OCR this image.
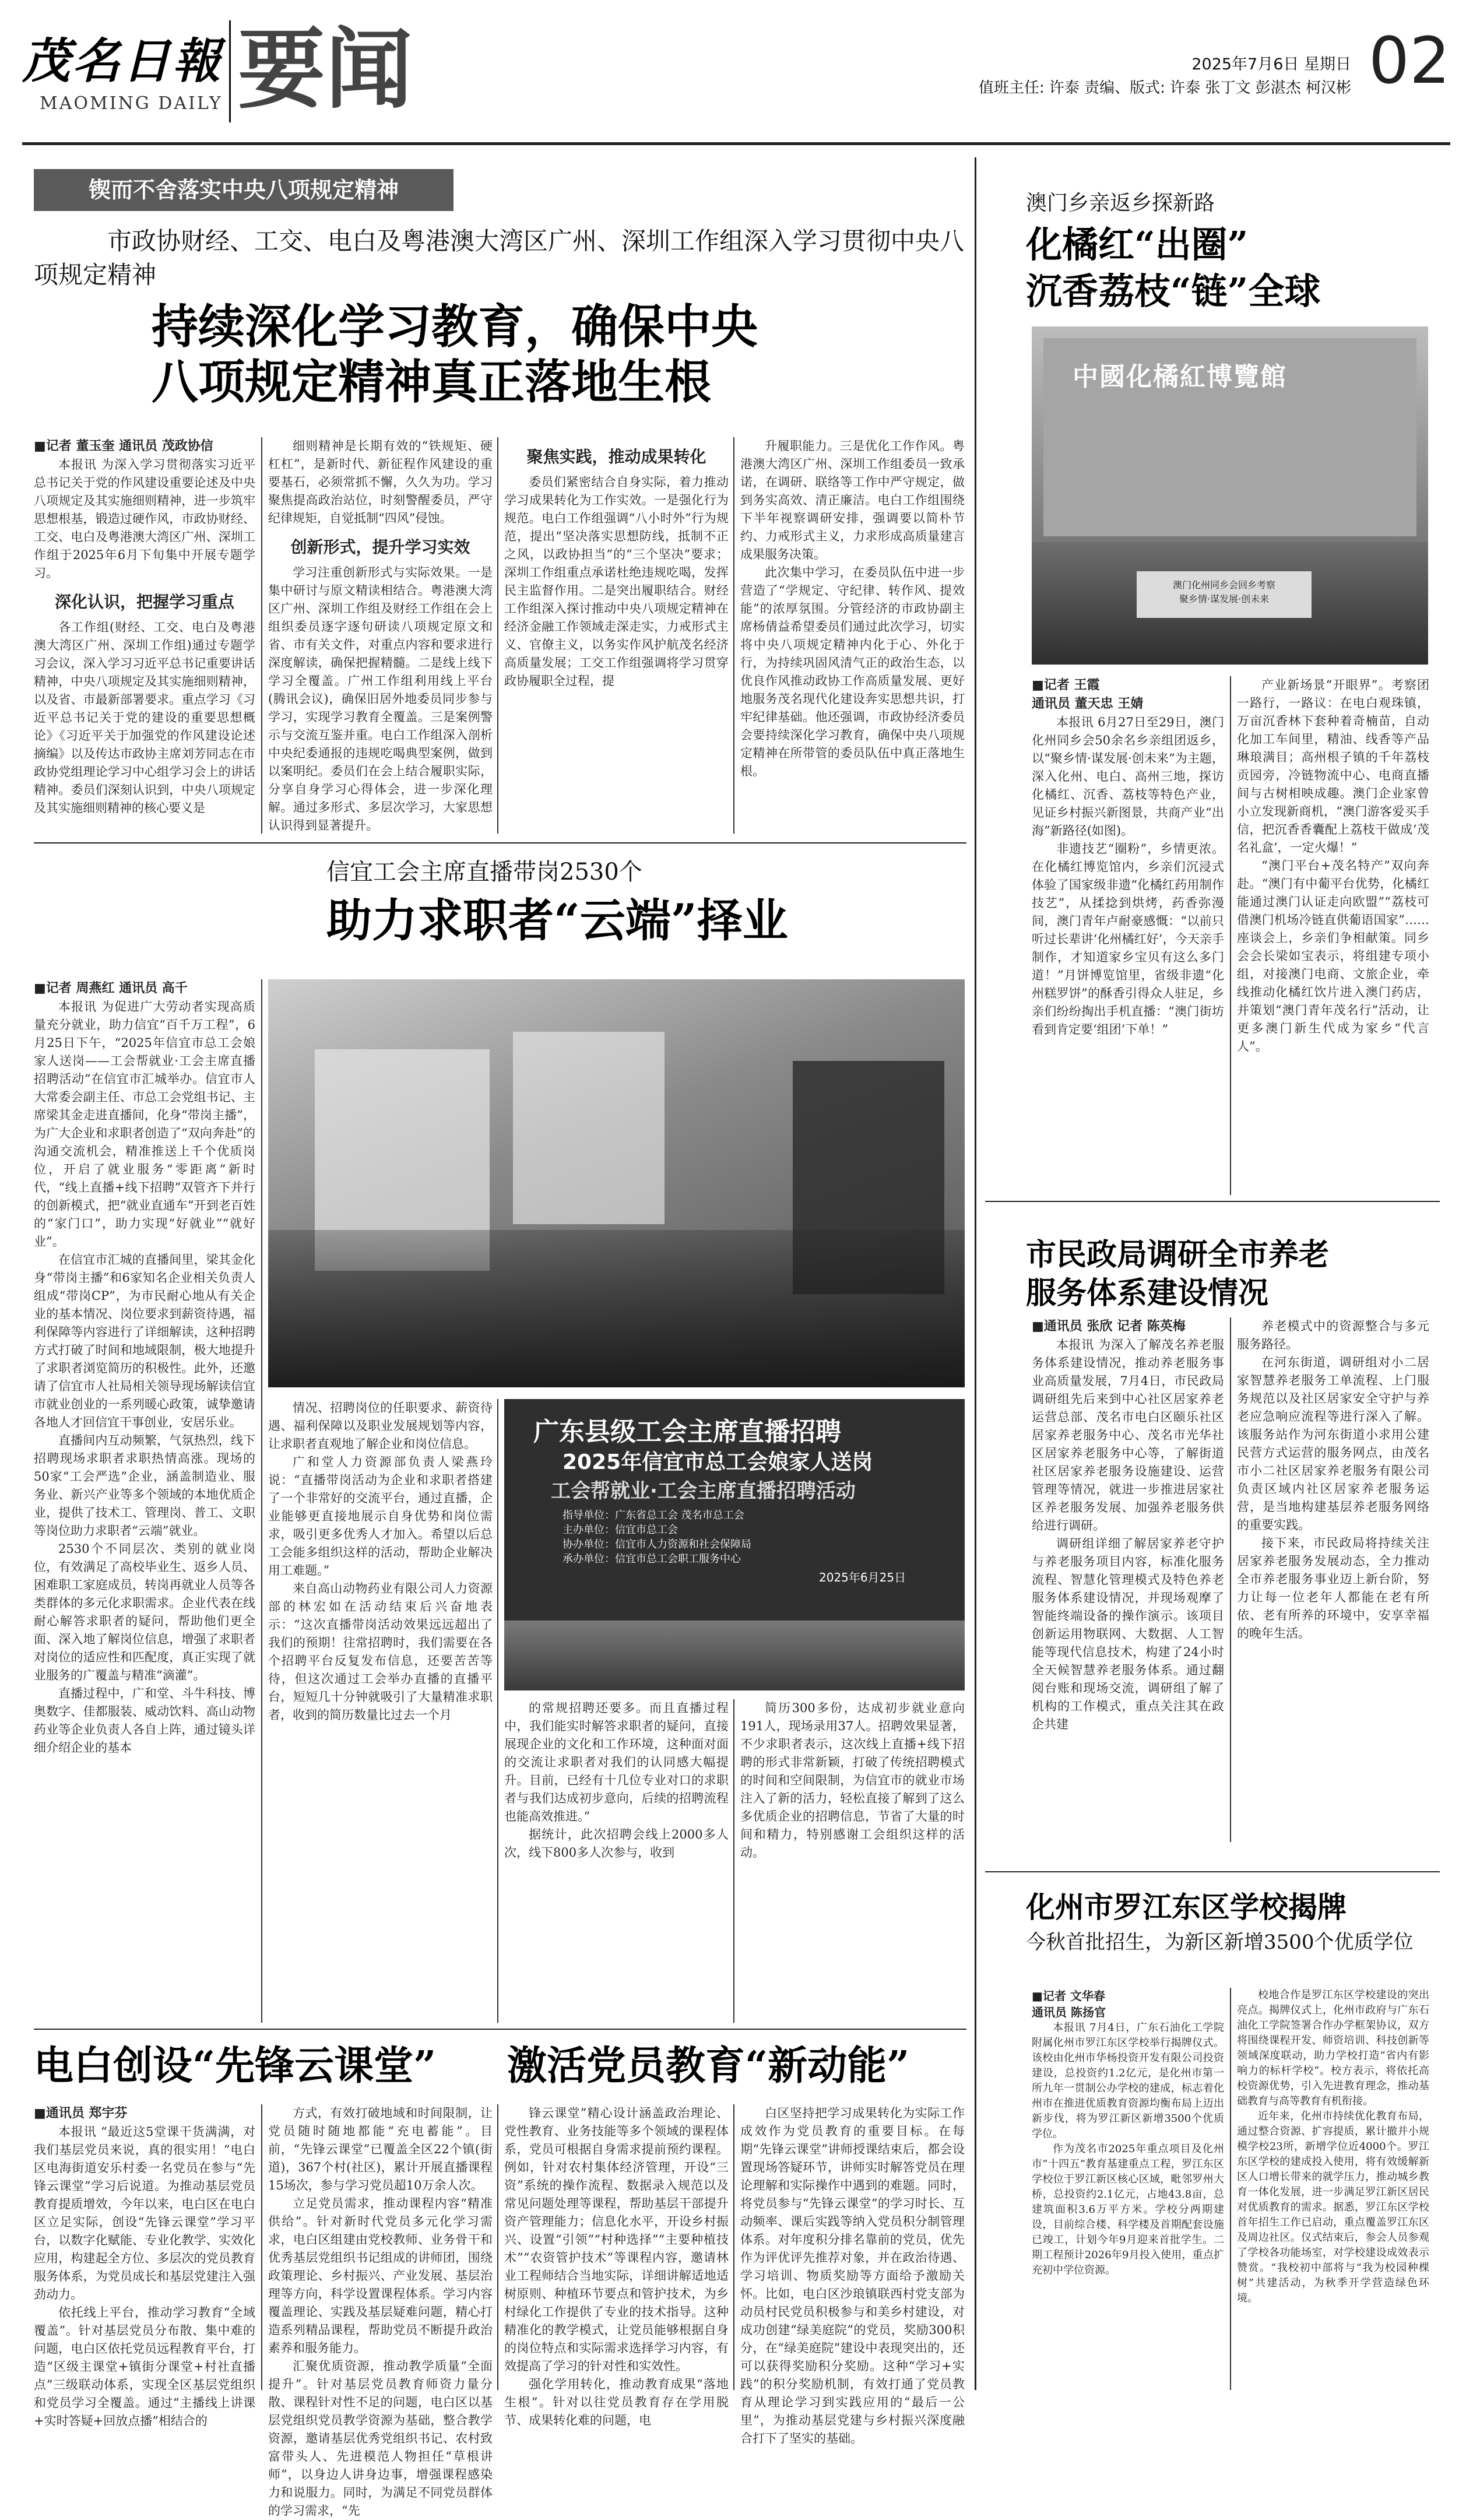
茂名日報
MAOMING DAILY 要闻	2025年7月6日 星期日
值班主任: 许泰 责编、版式: 许泰 张丁文 彭湛杰 柯汉彬 02
锲而不舍落实中央八项规定精神
市政协财经、工交、电白及粤港澳大湾区广州、深圳工作组深入学习贯彻中央八项规定精神
持续深化学习教育，确保中央
八项规定精神真正落地生根
■记者 董玉奎 通讯员 茂政协信

本报讯 为深入学习贯彻落实习近平总书记关于党的作风建设重要论述及中央八项规定及其实施细则精神，进一步筑牢思想根基，锻造过硬作风，市政协财经、工交、电白及粤港澳大湾区广州、深圳工作组于2025年6月下旬集中开展专题学习。

深化认识，把握学习重点

各工作组(财经、工交、电白及粤港澳大湾区广州、深圳工作组)通过专题学习会议，深入学习习近平总书记重要讲话精神，中央八项规定及其实施细则精神，以及省、市最新部署要求。重点学习《习近平总书记关于党的建设的重要思想概论》《习近平关于加强党的作风建设论述摘编》以及传达市政协主席刘芳同志在市政协党组理论学习中心组学习会上的讲话精神。委员们深刻认识到，中央八项规定及其实施细则精神的核心要义是

细则精神是长期有效的“铁规矩、硬杠杠”，是新时代、新征程作风建设的重要基石，必须常抓不懈，久久为功。学习聚焦提高政治站位，时刻警醒委员，严守纪律规矩，自觉抵制“四风”侵蚀。

创新形式，提升学习实效

学习注重创新形式与实际效果。一是集中研讨与原文精读相结合。粤港澳大湾区广州、深圳工作组及财经工作组在会上组织委员逐字逐句研读八项规定原文和省、市有关文件，对重点内容和要求进行深度解读，确保把握精髓。二是线上线下学习全覆盖。广州工作组利用线上平台(腾讯会议)，确保旧居外地委员同步参与学习，实现学习教育全覆盖。三是案例警示与交流互鉴并重。电白工作组深入剖析中央纪委通报的违规吃喝典型案例，做到以案明纪。委员们在会上结合履职实际，分享自身学习心得体会，进一步深化理解。通过多形式、多层次学习，大家思想认识得到显著提升。

聚焦实践，推动成果转化

委员们紧密结合自身实际，着力推动学习成果转化为工作实效。一是强化行为规范。电白工作组强调“八小时外”行为规范，提出“坚决落实思想防线，抵制不正之风，以政协担当”的“三个坚决”要求；深圳工作组重点承诺杜绝违规吃喝，发挥民主监督作用。二是突出履职结合。财经工作组深入探讨推动中央八项规定精神在经济金融工作领域走深走实，力戒形式主义、官僚主义，以务实作风护航茂名经济高质量发展；工交工作组强调将学习贯穿政协履职全过程，提

升履职能力。三是优化工作作风。粤港澳大湾区广州、深圳工作组委员一致承诺，在调研、联络等工作中严守规定，做到务实高效、清正廉洁。电白工作组围绕下半年视察调研安排，强调要以简朴节约、力戒形式主义，力求形成高质量建言成果服务决策。

此次集中学习，在委员队伍中进一步营造了“学规定、守纪律、转作风、提效能”的浓厚氛围。分管经济的市政协副主席杨倩益希望委员们通过此次学习，切实将中央八项规定精神内化于心、外化于行，为持续巩固风清气正的政治生态，以优良作风推动政协工作高质量发展、更好地服务茂名现代化建设奔实思想共识，打牢纪律基础。他还强调，市政协经济委员会要持续深化学习教育，确保中央八项规定精神在所带管的委员队伍中真正落地生根。

信宜工会主席直播带岗2530个
助力求职者“云端”择业
■记者 周燕红 通讯员 高千

本报讯 为促进广大劳动者实现高质量充分就业，助力信宜“百千万工程”，6月25日下午，“2025年信宜市总工会娘家人送岗——工会帮就业·工会主席直播招聘活动”在信宜市汇城举办。信宜市人大常委会副主任、市总工会党组书记、主席梁其金走进直播间，化身“带岗主播”，为广大企业和求职者创造了“双向奔赴”的沟通交流机会，精准推送上千个优质岗位，开启了就业服务“零距离”新时代，“线上直播+线下招聘”双管齐下并行的创新模式，把“就业直通车”开到老百姓的“家门口”，助力实现“好就业”“就好业”。

在信宜市汇城的直播间里，梁其金化身“带岗主播”和6家知名企业相关负责人组成“带岗CP”，为市民耐心地从有关企业的基本情况、岗位要求到薪资待遇，福利保障等内容进行了详细解读，这种招聘方式打破了时间和地域限制，极大地提升了求职者浏览简历的积极性。此外，还邀请了信宜市人社局相关领导现场解读信宜市就业创业的一系列暖心政策，诚挚邀请各地人才回信宜干事创业，安居乐业。

直播间内互动频繁，气氛热烈，线下招聘现场求职者求职热情高涨。现场的50家“工会严选”企业，涵盖制造业、服务业、新兴产业等多个领域的本地优质企业，提供了技术工、管理岗、普工、文职等岗位助力求职者“云端”就业。

2530个不同层次、类别的就业岗位，有效满足了高校毕业生、返乡人员、困难职工家庭成员，转岗再就业人员等各类群体的多元化求职需求。企业代表在线耐心解答求职者的疑问，帮助他们更全面、深入地了解岗位信息，增强了求职者对岗位的适应性和匹配度，真正实现了就业服务的广覆盖与精准“滴灌”。

直播过程中，广和堂、斗牛科技、博奥数字、佳都服装、威动饮料、高山动物药业等企业负责人各自上阵，通过镜头详细介绍企业的基本

情况、招聘岗位的任职要求、薪资待遇、福利保障以及职业发展规划等内容，让求职者直观地了解企业和岗位信息。

广和堂人力资源部负责人梁燕玲说：“直播带岗活动为企业和求职者搭建了一个非常好的交流平台，通过直播，企业能够更直接地展示自身优势和岗位需求，吸引更多优秀人才加入。希望以后总工会能多组织这样的活动，帮助企业解决用工难题。”

来自高山动物药业有限公司人力资源部的林宏如在活动结束后兴奋地表示：“这次直播带岗活动效果远远超出了我们的预期！往常招聘时，我们需要在各个招聘平台反复发布信息，还要苦苦等待，但这次通过工会举办直播的直播平台，短短几十分钟就吸引了大量精准求职者，收到的简历数量比过去一个月

广东县级工会主席直播招聘
2025年信宜市总工会娘家人送岗
工会帮就业·工会主席直播招聘活动
指导单位：广东省总工会 茂名市总工会
主办单位：信宜市总工会
协办单位：信宜市人力资源和社会保障局
承办单位：信宜市总工会职工服务中心
2025年6月25日

的常规招聘还要多。而且直播过程中，我们能实时解答求职者的疑问，直接展现企业的文化和工作环境，这种面对面的交流让求职者对我们的认同感大幅提升。目前，已经有十几位专业对口的求职者与我们达成初步意向，后续的招聘流程也能高效推进。”

据统计，此次招聘会线上2000多人次，线下800多人次参与，收到

简历300多份，达成初步就业意向191人，现场录用37人。招聘效果显著，不少求职者表示，这次线上直播+线下招聘的形式非常新颖，打破了传统招聘模式的时间和空间限制，为信宜市的就业市场注入了新的活力，轻松直接了解到了这么多优质企业的招聘信息，节省了大量的时间和精力，特别感谢工会组织这样的活动。

电白创设“先锋云课堂” 激活党员教育“新动能”
■通讯员 郑宇芬

本报讯 “最近这5堂课干货满满，对我们基层党员来说，真的很实用！”电白区电海街道安乐村委一名党员在参与“先锋云课堂”学习后说道。为推动基层党员教育提质增效，今年以来，电白区在电白区立足实际，创设“先锋云课堂”学习平台，以数字化赋能、专业化教学、实效化应用，构建起全方位、多层次的党员教育服务体系，为党员成长和基层党建注入强劲动力。

依托线上平台，推动学习教育“全域覆盖”。针对基层党员分布散、集中难的问题，电白区依托党员远程教育平台，打造“区级主课堂+镇街分课堂+村社直播点”三级联动体系，实现全区基层党组织和党员学习全覆盖。通过“主播线上讲课+实时答疑+回放点播”相结合的

方式，有效打破地域和时间限制，让党员随时随地都能“充电蓄能”。目前，“先锋云课堂”已覆盖全区22个镇(街道)，367个村(社区)，累计开展直播课程15场次，参与学习党员超10万余人次。

立足党员需求，推动课程内容“精准供给”。针对新时代党员多元化学习需求，电白区组建由党校教师、业务骨干和优秀基层党组织书记组成的讲师团，围绕政策理论、乡村振兴、产业发展、基层治理等方向，科学设置课程体系。学习内容覆盖理论、实践及基层疑难问题，精心打造系列精品课程，帮助党员不断提升政治素养和服务能力。

汇聚优质资源，推动教学质量“全面提升”。针对基层党员教育师资力量分散、课程针对性不足的问题，电白区以基层党组织党员教学资源为基础，整合教学资源，邀请基层优秀党组织书记、农村致富带头人、先进模范人物担任“草根讲师”，以身边人讲身边事，增强课程感染力和说服力。同时，为满足不同党员群体的学习需求，“先

锋云课堂”精心设计涵盖政治理论、党性教育、业务技能等多个领域的课程体系，党员可根据自身需求提前预约课程。例如，针对农村集体经济管理，开设“三资”系统的操作流程、数据录入规范以及常见问题处理等课程，帮助基层干部提升资产管理能力；信息化水平，开设乡村振兴、设置“引领”“村种选择”“主要种植技术”“农资管护技术”等课程内容，邀请林业工程师结合当地实际，详细讲解适地适树原则、种植环节要点和管护技术，为乡村绿化工作提供了专业的技术指导。这种精准化的教学模式，让党员能够根据自身的岗位特点和实际需求选择学习内容，有效提高了学习的针对性和实效性。

强化学用转化，推动教育成果“落地生根”。针对以往党员教育存在学用脱节、成果转化难的问题，电

白区坚持把学习成果转化为实际工作成效作为党员教育的重要目标。在每期“先锋云课堂”讲师授课结束后，都会设置现场答疑环节，讲师实时解答党员在理论理解和实际操作中遇到的难题。同时，将党员参与“先锋云课堂”的学习时长、互动频率、课后实践等纳入党员积分制管理体系。对年度积分排名靠前的党员，优先作为评优评先推荐对象，并在政治待遇、学习培训、物质奖励等方面给予激励关怀。比如，电白区沙琅镇联西村党支部为动员村民党员积极参与和美乡村建设，对成功创建“绿美庭院”的党员，奖励300积分，在“绿美庭院”建设中表现突出的，还可以获得奖励积分奖励。这种“学习+实践”的积分奖励机制，有效打通了党员教育从理论学习到实践应用的“最后一公里”，为推动基层党建与乡村振兴深度融合打下了坚实的基础。

澳门乡亲返乡探新路
化橘红“出圈”
沉香荔枝“链”全球
中國化橘紅博覽館
澳门化州同乡会回乡考察
聚乡情·谋发展·创未来
■记者 王霞
通讯员 董天忠 王婧

本报讯 6月27日至29日，澳门化州同乡会50余名乡亲组团返乡，以“聚乡情·谋发展·创未来”为主题，深入化州、电白、高州三地，探访化橘红、沉香、荔枝等特色产业，见证乡村振兴新图景，共商产业“出海”新路径(如图)。

非遗技艺“圈粉”，乡情更浓。在化橘红博览馆内，乡亲们沉浸式体验了国家级非遗“化橘红药用制作技艺”，从揉捻到烘烤，药香弥漫间，澳门青年卢耐豪感慨：“以前只听过长辈讲‘化州橘红好’，今天亲手制作，才知道家乡宝贝有这么多门道！”月饼博览馆里，省级非遗“化州糕罗饼”的酥香引得众人驻足，乡亲们纷纷掏出手机直播：“澳门街坊看到肯定要‘组团’下单！”

产业新场景“开眼界”。考察团一路行，一路议：在电白观珠镇，万亩沉香林下套种着奇楠苗，自动化加工车间里，精油、线香等产品琳琅满目；高州根子镇的千年荔枝贡园旁，冷链物流中心、电商直播间与古树相映成趣。澳门企业家曾小立发现新商机，“澳门游客爱买手信，把沉香香囊配上荔枝干做成‘茂名礼盒’，一定火爆！”

“澳门平台+茂名特产”双向奔赴。“澳门有中葡平台优势，化橘红能通过澳门认证走向欧盟”“荔枝可借澳门机场冷链直供葡语国家”……座谈会上，乡亲们争相献策。同乡会会长梁如宝表示，将组建专项小组，对接澳门电商、文旅企业，牵线推动化橘红饮片进入澳门药店，并策划“澳门青年茂名行”活动，让更多澳门新生代成为家乡“代言人”。

市民政局调研全市养老
服务体系建设情况
■通讯员 张欣 记者 陈英梅

本报讯 为深入了解茂名养老服务体系建设情况，推动养老服务事业高质量发展，7月4日，市民政局调研组先后来到中心社区居家养老运营总部、茂名市电白区颐乐社区居家养老服务中心、茂名市光华社区居家养老服务中心等，了解街道社区居家养老服务设施建设、运营管理等情况，就进一步推进居家社区养老服务发展、加强养老服务供给进行调研。

调研组详细了解居家养老守护与养老服务项目内容，标准化服务流程、智慧化管理模式及特色养老服务体系建设情况，并现场观摩了智能终端设备的操作演示。该项目创新运用物联网、大数据、人工智能等现代信息技术，构建了24小时全天候智慧养老服务体系。通过翻阅台账和现场交流，调研组了解了机构的工作模式，重点关注其在政企共建

养老模式中的资源整合与多元服务路径。

在河东街道，调研组对小二居家智慧养老服务工单流程、上门服务规范以及社区居家安全守护与养老应急响应流程等进行深入了解。该服务站作为河东街道小求用公建民营方式运营的服务网点，由茂名市小二社区居家养老服务有限公司负责区域内社区居家养老服务运营，是当地构建基层养老服务网络的重要实践。

接下来，市民政局将持续关注居家养老服务发展动态，全力推动全市养老服务事业迈上新台阶，努力让每一位老年人都能在老有所依、老有所养的环境中，安享幸福的晚年生活。

化州市罗江东区学校揭牌
今秋首批招生，为新区新增3500个优质学位
■记者 文华春
通讯员 陈扬官

本报讯 7月4日，广东石油化工学院附属化州市罗江东区学校举行揭牌仪式。该校由化州市华杨投资开发有限公司投资建设，总投资约1.2亿元，是化州市第一所九年一贯制公办学校的建成，标志着化州市在推进优质教育资源均衡布局上迈出新步伐，将为罗江新区新增3500个优质学位。

作为茂名市2025年重点项目及化州市“十四五”教育基建重点工程，罗江东区学校位于罗江新区核心区域，毗邻罗州大桥，总投资约2.1亿元，占地43.8亩，总建筑面积3.6万平方米。学校分两期建设，目前综合楼、科学楼及首期配套设施已竣工，计划今年9月迎来首批学生。二期工程预计2026年9月投入使用，重点扩充初中学位资源。

校地合作是罗江东区学校建设的突出亮点。揭牌仪式上，化州市政府与广东石油化工学院签署合作办学框架协议，双方将围绕课程开发、师资培训、科技创新等领域深度联动，助力学校打造“省内有影响力的标杆学校”。校方表示，将依托高校资源优势，引入先进教育理念，推动基础教育与高等教育有机衔接。

近年来，化州市持续优化教育布局，通过整合资源、扩容提质，累计撤并小规模学校23所，新增学位近4000个。罗江东区学校的建成投入使用，将有效缓解新区人口增长带来的就学压力，推动城乡教育一体化发展，进一步满足罗江新区居民对优质教育的需求。据悉，罗江东区学校首年招生工作已启动，重点覆盖罗江东区及周边社区。仪式结束后，参会人员参观了学校各功能场室，对学校建设成效表示赞赏。“我校初中部将与“我为校园种棵树”共建活动，为秋季开学营造绿色环境。
